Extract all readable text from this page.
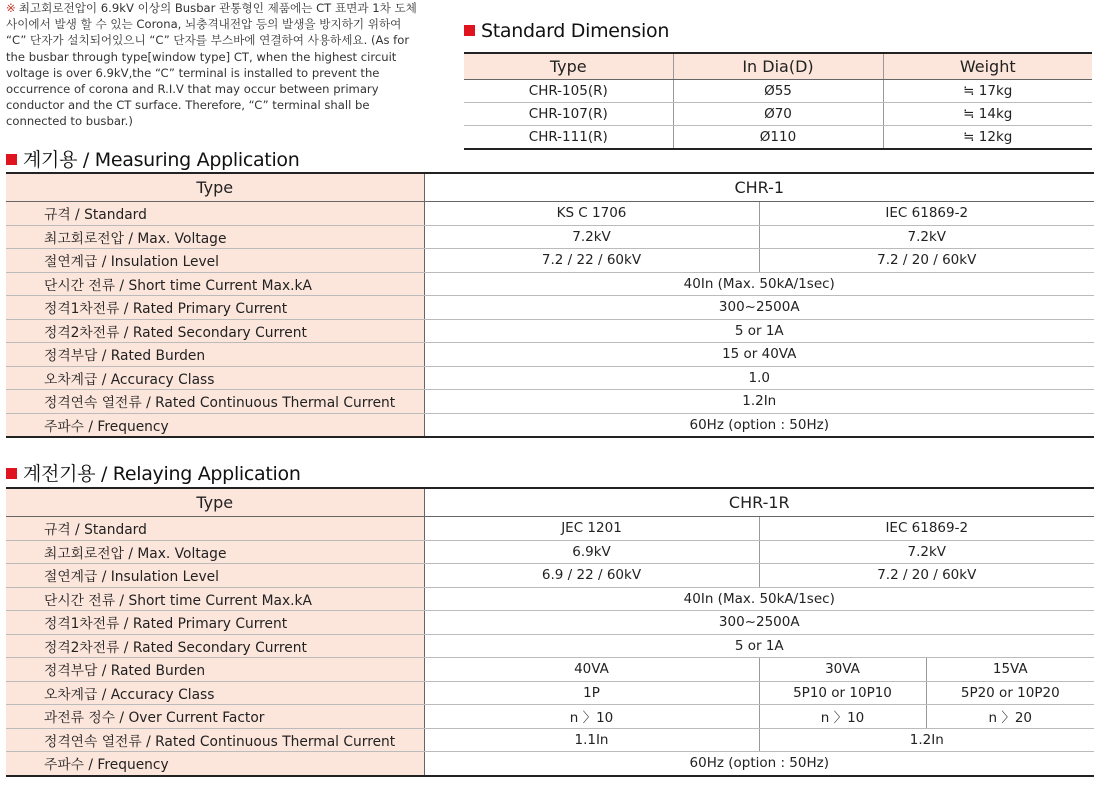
※ 최고회로전압이 6.9kV 이상의 Busbar 관통형인 제품에는 CT 표면과 1차 도체 사이에서 발생 할 수 있는 Corona, 뇌충격내전압 등의 발생을 방지하기 위하여 “C” 단자가 설치되어있으니 “C” 단자를 부스바에 연결하여 사용하세요. (As for the busbar through type[window type] CT, when the highest circuit voltage is over 6.9kV,the “C” terminal is installed to prevent the occurrence of corona and R.I.V that may occur between primary conductor and the CT surface. Therefore, “C” terminal shall be connected to busbar.)
Standard Dimension
Type	In Dia(D)	Weight
CHR-105(R)	Ø55	≒ 17kg
CHR-107(R)	Ø70	≒ 14kg
CHR-111(R)	Ø110	≒ 12kg
계기용 / Measuring Application
Type	CHR-1	
규격 / Standard	KS C 1706	IEC 61869-2
최고회로전압 / Max. Voltage	7.2kV	7.2kV
절연계급 / Insulation Level	7.2 / 22 / 60kV	7.2 / 20 / 60kV
단시간 전류 / Short time Current Max.kA	40In (Max. 50kA/1sec)	
정격1차전류 / Rated Primary Current	300~2500A	
정격2차전류 / Rated Secondary Current	5 or 1A	
정격부담 / Rated Burden	15 or 40VA	
오차계급 / Accuracy Class	1.0	
정격연속 열전류 / Rated Continuous Thermal Current	1.2In	
주파수 / Frequency	60Hz (option : 50Hz)	
계전기용 / Relaying Application
Type	CHR-1R		
규격 / Standard	JEC 1201	IEC 61869-2	
최고회로전압 / Max. Voltage	6.9kV	7.2kV	
절연계급 / Insulation Level	6.9 / 22 / 60kV	7.2 / 20 / 60kV	
단시간 전류 / Short time Current Max.kA	40In (Max. 50kA/1sec)		
정격1차전류 / Rated Primary Current	300~2500A		
정격2차전류 / Rated Secondary Current	5 or 1A		
정격부담 / Rated Burden	40VA	30VA	15VA
오차계급 / Accuracy Class	1P	5P10 or 10P10	5P20 or 10P20
과전류 정수 / Over Current Factor	n 〉10	n 〉10	n 〉20
정격연속 열전류 / Rated Continuous Thermal Current	1.1In	1.2In	
주파수 / Frequency	60Hz (option : 50Hz)		
